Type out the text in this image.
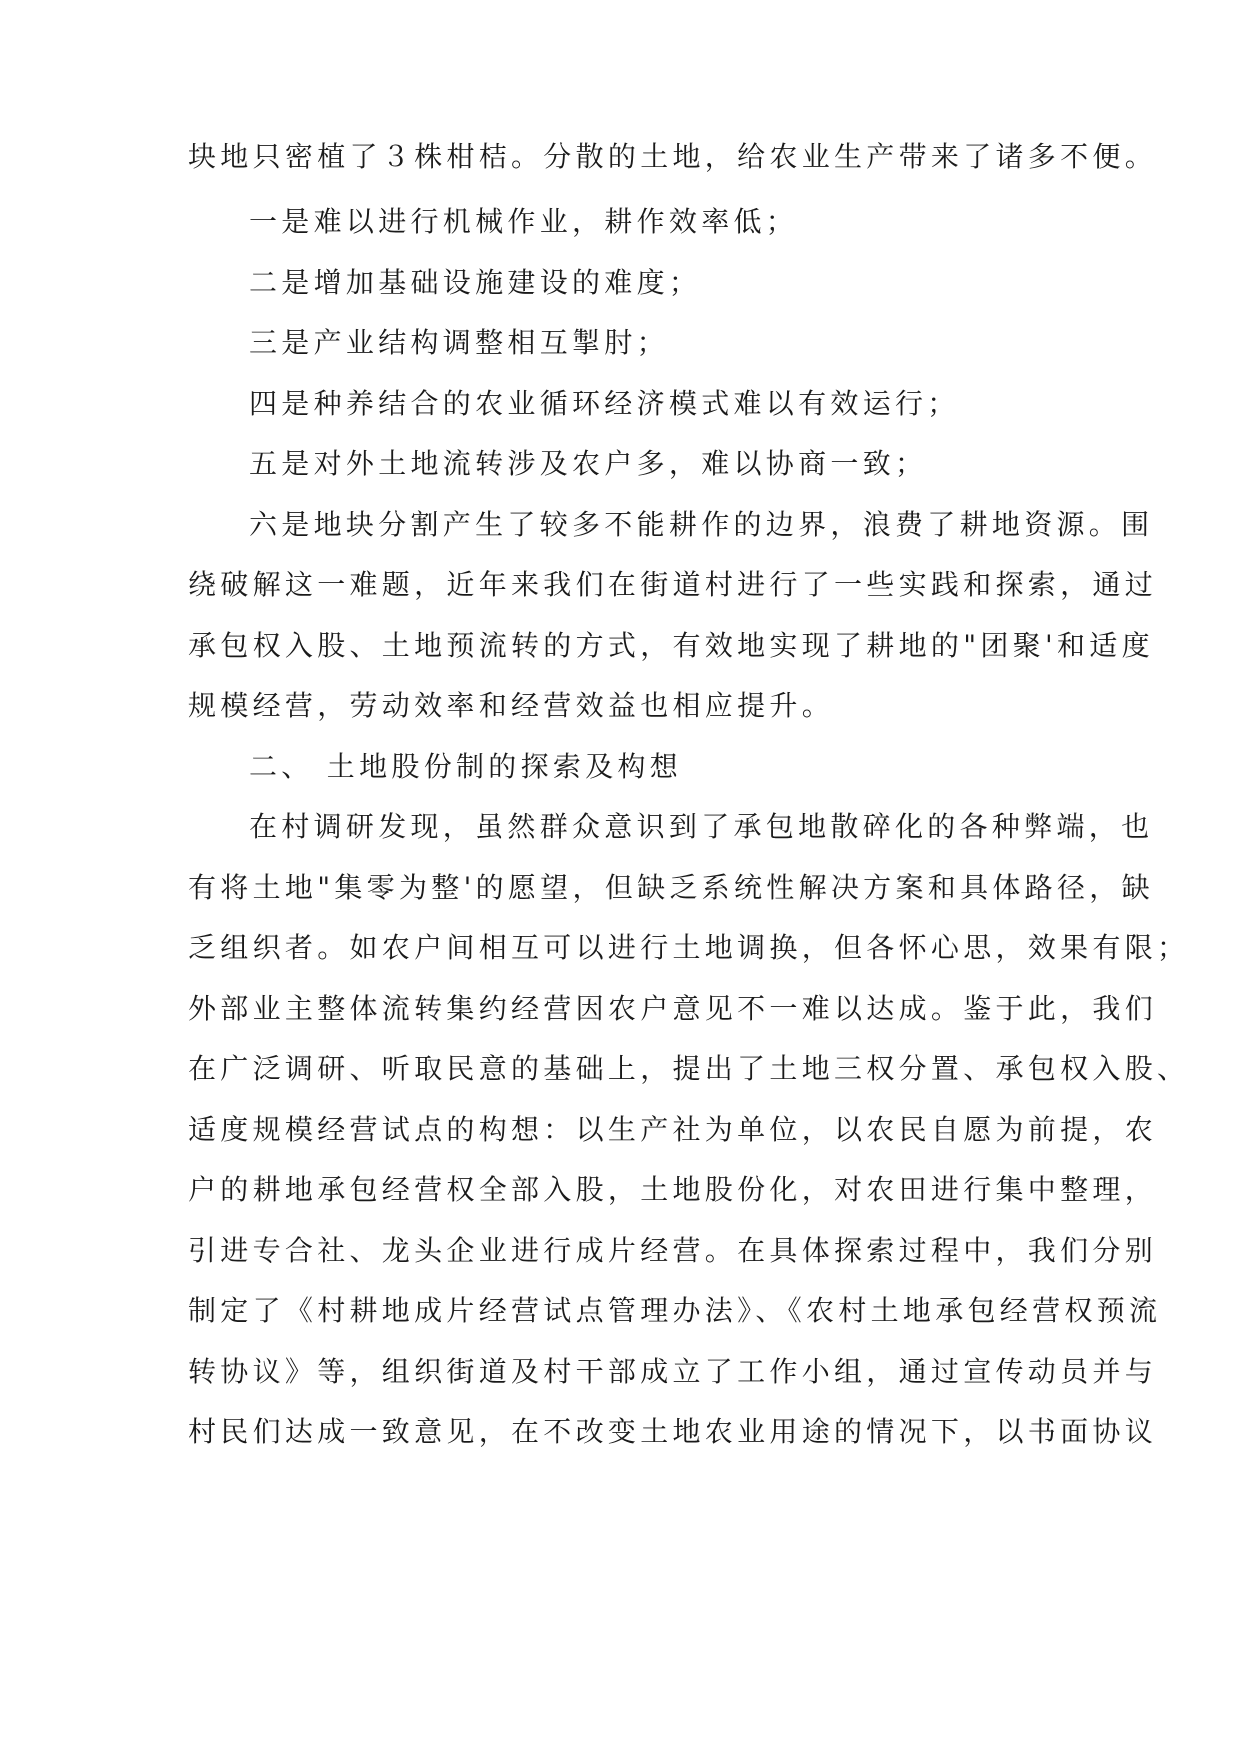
块地只密植了３株柑桔。分散的土地，给农业生产带来了诸多不便。
一是难以进行机械作业，耕作效率低；
二是增加基础设施建设的难度；
三是产业结构调整相互掣肘；
四是种养结合的农业循环经济模式难以有效运行；
五是对外土地流转涉及农户多，难以协商一致；
六是地块分割产生了较多不能耕作的边界，浪费了耕地资源。围
绕破解这一难题，近年来我们在街道村进行了一些实践和探索，通过
承包权入股、土地预流转的方式，有效地实现了耕地的"团聚'和适度
规模经营，劳动效率和经营效益也相应提升。
二、 土地股份制的探索及构想
在村调研发现，虽然群众意识到了承包地散碎化的各种弊端，也
有将土地"集零为整'的愿望，但缺乏系统性解决方案和具体路径，缺
乏组织者。如农户间相互可以进行土地调换，但各怀心思，效果有限；
外部业主整体流转集约经营因农户意见不一难以达成。鉴于此，我们
在广泛调研、听取民意的基础上，提出了土地三权分置、承包权入股、
适度规模经营试点的构想：以生产社为单位，以农民自愿为前提，农
户的耕地承包经营权全部入股，土地股份化，对农田进行集中整理，
引进专合社、龙头企业进行成片经营。在具体探索过程中，我们分别
制定了《村耕地成片经营试点管理办法》、《农村土地承包经营权预流
转协议》等，组织街道及村干部成立了工作小组，通过宣传动员并与
村民们达成一致意见，在不改变土地农业用途的情况下，以书面协议
